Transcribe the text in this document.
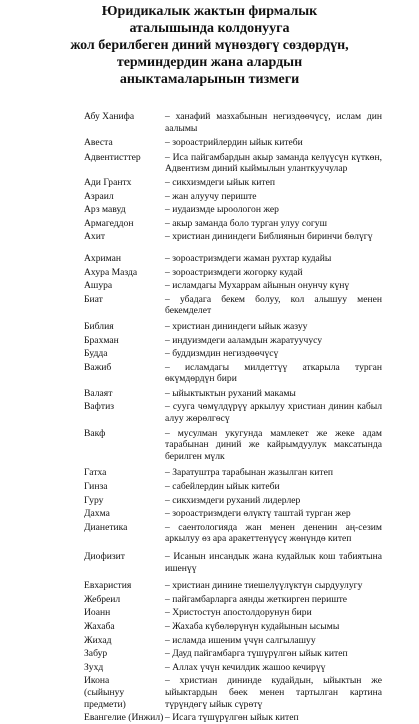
Юридикалык жактын фирмалык
аталышында колдонууга
жол берилбеген диний мүнөздөгү сөздөрдүн,
терминдердин жана алардын
аныктамаларынын тизмеги
Абу Ханифа	– ханафий мазхабынын негиздөөчүсү, ислам дин аалымы
Авеста	– зороастрийлердин ыйык китеби
Адвентисттер	– Иса пайгамбардын акыр заманда келүүсүн күткөн, Адвентизм диний кыймылын уланткуучулар
Ади Грантх	– сикхизмдеги ыйык китеп
Азраил	– жан алуучу периште
Арз мавуд	– иудаизмде ыроологон жер
Армагеддон	– акыр заманда боло турган улуу согуш
Ахит	– христиан дининдеги Библиянын биринчи бөлүгү
Ахриман	– зороастризмдеги жаман рухтар кудайы
Ахура Мазда	– зороастризмдеги жогорку кудай
Ашура	– исламдагы Мухаррам айынын онунчу күнү
Биат	– убадага бекем болуу, кол алышуу менен бекемделет
Библия	– христиан дининдеги ыйык жазуу
Брахман	– индуизмдеги ааламдын жаратуучусу
Будда	– буддизмдин негиздөөчүсү
Важиб	– исламдагы милдеттүү аткарыла турган өкүмдөрдүн бири
Валаят	– ыйыктыктын руханий макамы
Вафтиз	– сууга чөмүлдүрүү аркылуу христиан динин кабыл алуу жөрөлгөсү
Вакф	– мусулман укугунда мамлекет же жеке адам тарабынан диний же кайрымдуулук максатында берилген мүлк
Гатха	– Заратуштра тарабынан жазылган китеп
Гинза	– сабейлердин ыйык китеби
Гуру	– сикхизмдеги руханий лидерлер
Дахма	– зороастризмдеги өлүктү таштай турган жер
Дианетика	– саентологияда жан менен дененин аң-сезим аркылуу өз ара аракеттенүүсү жөнүндө китеп
Диофизит	– Исанын инсандык жана кудайлык кош табиятына ишенүү
Евхаристия	– христиан динине тиешелүүлүктүн сырдуулугу
Жебреил	– пайгамбарларга аянды жеткирген периште
Иоанн	– Христостун апостолдорунун бири
Жахаба	– Жахаба күбөлөрүнүн кудайынын ысымы
Жихад	– исламда ишеним үчүн салгылашуу
Забур	– Дауд пайгамбарга түшүрүлгөн ыйык китеп
Зухд	– Аллах үчүн кечилдик жашоо кечирүү
Икона
(сыйынуу
предмети)
– христиан дининде кудайдын, ыйыктын же ыйыктардын бөек менен тартылган картина түрүндөгү ыйык сүрөтү
Евангелие (Инжил) – Исага түшүрүлгөн ыйык китеп
